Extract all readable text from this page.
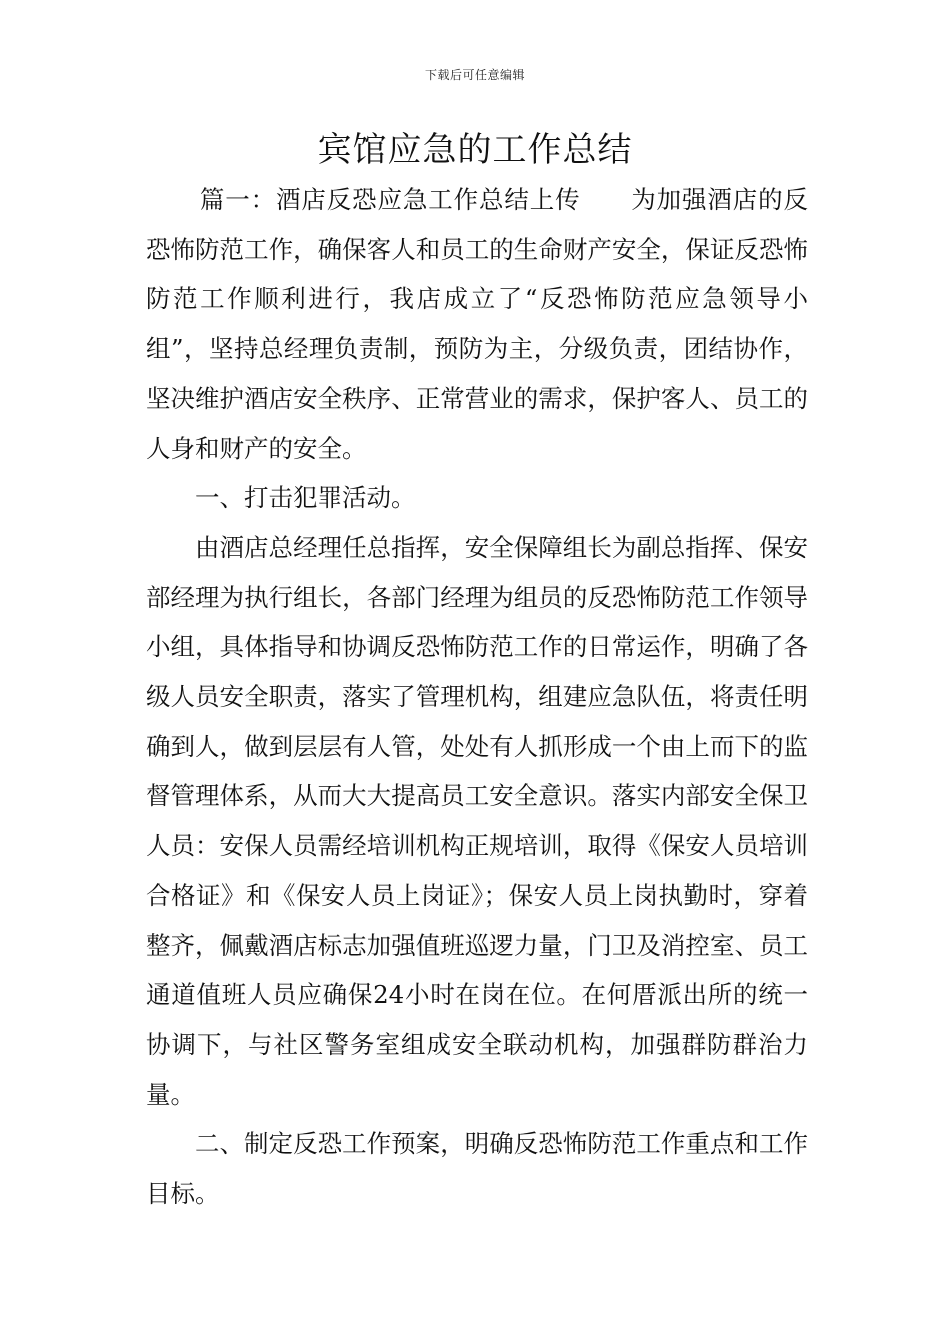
下载后可任意编辑
宾馆应急的工作总结

篇一：酒店反恐应急工作总结上传　　为加强酒店的反恐怖防范工作，确保客人和员工的生命财产安全，保证反恐怖防范工作顺利进行，我店成立了“反恐怖防范应急领导小组”，坚持总经理负责制，预防为主，分级负责，团结协作，坚决维护酒店安全秩序、正常营业的需求，保护客人、员工的人身和财产的安全。

一、打击犯罪活动。

由酒店总经理任总指挥，安全保障组长为副总指挥、保安部经理为执行组长，各部门经理为组员的反恐怖防范工作领导小组，具体指导和协调反恐怖防范工作的日常运作，明确了各级人员安全职责，落实了管理机构，组建应急队伍，将责任明确到人，做到层层有人管，处处有人抓形成一个由上而下的监督管理体系，从而大大提高员工安全意识。落实内部安全保卫人员：安保人员需经培训机构正规培训，取得《保安人员培训合格证》和《保安人员上岗证》；保安人员上岗执勤时，穿着整齐，佩戴酒店标志加强值班巡逻力量，门卫及消控室、员工通道值班人员应确保24小时在岗在位。在何厝派出所的统一协调下，与社区警务室组成安全联动机构，加强群防群治力量。

二、制定反恐工作预案，明确反恐怖防范工作重点和工作目标。
